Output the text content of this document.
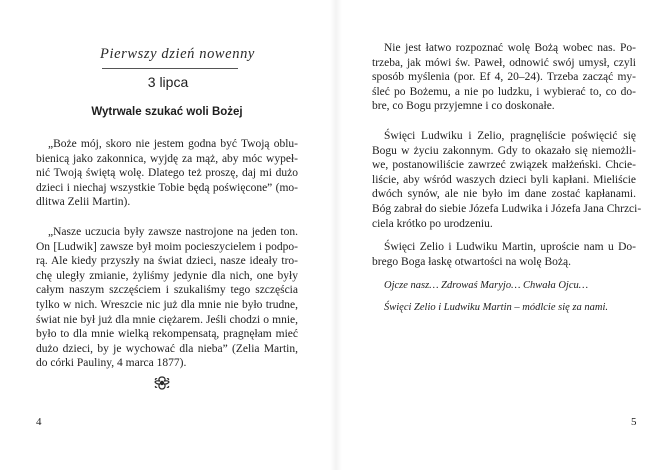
Pierwszy dzień nowenny
3 lipca
Wytrwale szukać woli Bożej
„Boże mój, skoro nie jestem godna być Twoją oblu-
bienicą jako zakonnica, wyjdę za mąż, aby móc wypeł-
nić Twoją świętą wolę. Dlatego też proszę, daj mi dużo
dzieci i niechaj wszystkie Tobie będą poświęcone” (mo-
dlitwa Zelii Martin).
„Nasze uczucia były zawsze nastrojone na jeden ton.
On [Ludwik] zawsze był moim pocieszycielem i podpo-
rą. Ale kiedy przyszły na świat dzieci, nasze ideały tro-
chę uległy zmianie, żyliśmy jedynie dla nich, one były
całym naszym szczęściem i szukaliśmy tego szczęścia
tylko w nich. Wreszcie nic już dla mnie nie było trudne,
świat nie był już dla mnie ciężarem. Jeśli chodzi o mnie,
było to dla mnie wielką rekompensatą, pragnęłam mieć
dużo dzieci, by je wychować dla nieba” (Zelia Martin,
do córki Pauliny, 4 marca 1877).
4
Nie jest łatwo rozpoznać wolę Bożą wobec nas. Po-
trzeba, jak mówi św. Paweł, odnowić swój umysł, czyli
sposób myślenia (por. Ef 4, 20–24). Trzeba zacząć my-
śleć po Bożemu, a nie po ludzku, i wybierać to, co do-
bre, co Bogu przyjemne i co doskonałe.
Święci Ludwiku i Zelio, pragnęliście poświęcić się
Bogu w życiu zakonnym. Gdy to okazało się niemożli-
we, postanowiliście zawrzeć związek małżeński. Chcie-
liście, aby wśród waszych dzieci byli kapłani. Mieliście
dwóch synów, ale nie było im dane zostać kapłanami.
Bóg zabrał do siebie Józefa Ludwika i Józefa Jana Chrzci-
ciela krótko po urodzeniu.
Święci Zelio i Ludwiku Martin, uproście nam u Do-
brego Boga łaskę otwartości na wolę Bożą.
Ojcze nasz… Zdrowaś Maryjo… Chwała Ojcu…
Święci Zelio i Ludwiku Martin – módlcie się za nami.
5
